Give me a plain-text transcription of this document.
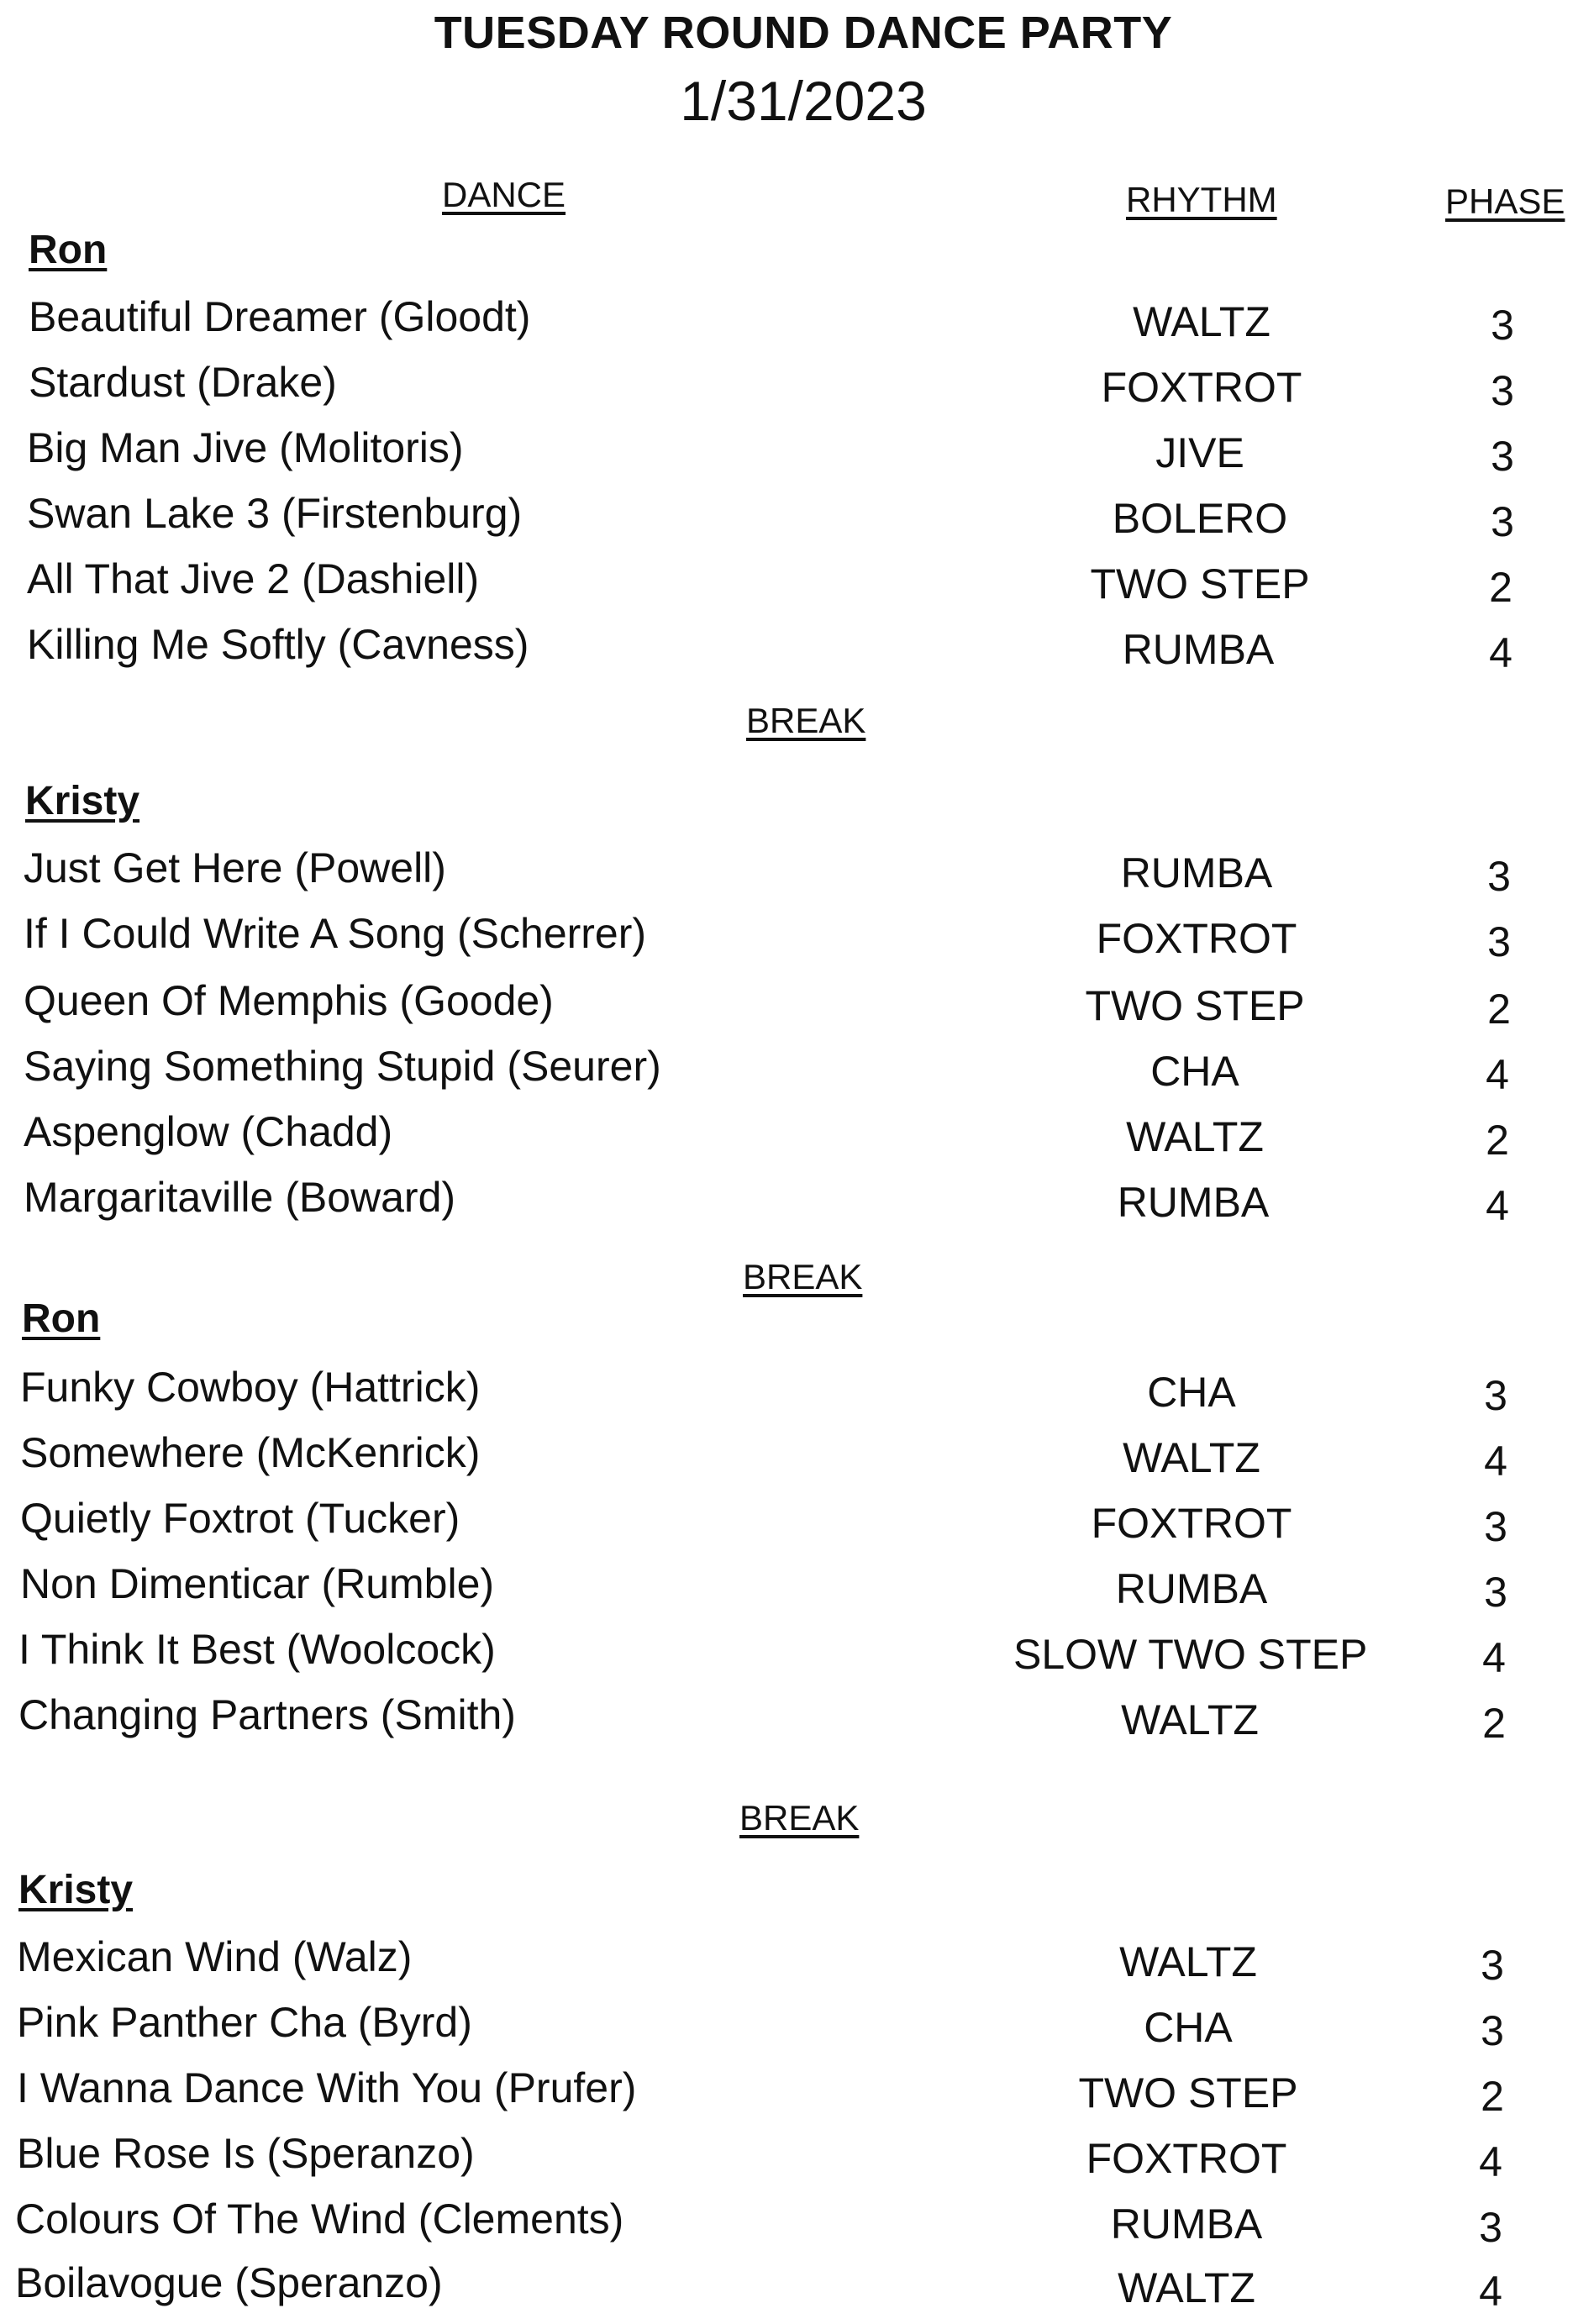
TUESDAY ROUND DANCE PARTY
1/31/2023
DANCE	RHYTHM	PHASE
Ron
Beautiful Dreamer (Gloodt)	WALTZ	3
Stardust (Drake)	FOXTROT	3
Big Man Jive (Molitoris)	JIVE	3
Swan Lake 3 (Firstenburg)	BOLERO	3
All That Jive 2 (Dashiell)	TWO STEP	2
Killing Me Softly (Cavness)	RUMBA	4
BREAK
Kristy
Just Get Here (Powell)	RUMBA	3
If I Could Write A Song (Scherrer)	FOXTROT	3
Queen Of Memphis (Goode)	TWO STEP	2
Saying Something Stupid (Seurer)	CHA	4
Aspenglow (Chadd)	WALTZ	2
Margaritaville (Boward)	RUMBA	4
BREAK
Ron
Funky Cowboy (Hattrick)	CHA	3
Somewhere (McKenrick)	WALTZ	4
Quietly Foxtrot (Tucker)	FOXTROT	3
Non Dimenticar (Rumble)	RUMBA	3
I Think It Best (Woolcock)	SLOW TWO STEP	4
Changing Partners (Smith)	WALTZ	2
BREAK
Kristy
Mexican Wind (Walz)	WALTZ	3
Pink Panther Cha (Byrd)	CHA	3
I Wanna Dance With You (Prufer)	TWO STEP	2
Blue Rose Is (Speranzo)	FOXTROT	4
Colours Of The Wind (Clements)	RUMBA	3
Boilavogue (Speranzo)	WALTZ	4
